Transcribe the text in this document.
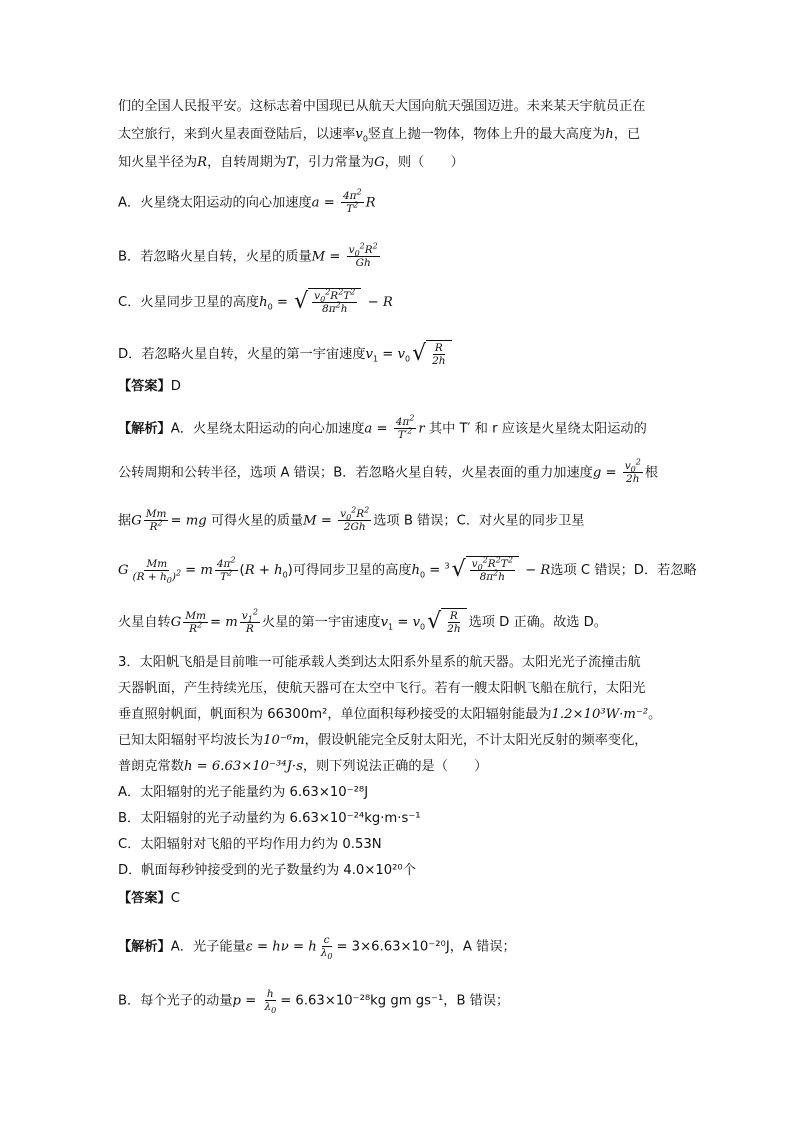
们的全国人民报平安。这标志着中国现已从航天大国向航天强国迈进。未来某天宇航员正在
太空旅行，来到火星表面登陆后，以速率$v_0$竖直上抛一物体，物体上升的最大高度为h，已
知火星半径为R，自转周期为T，引力常量为G，则（　　）
A．火星绕太阳运动的向心加速度$a = \frac{4\pi^2}{T^2}$ R
B．若忽略火星自转，火星的质量$M = \frac{v_0^2R^2}{Gh}$
C．火星同步卫星的高度$h_0$ = √ $\frac{v_0^2R^2T^2}{8\pi^2h} - R$
D．若忽略火星自转，火星的第一宇宙速度$v_1 = v_0$ √ $\frac{R}{2h}$
【答案】D
【解析】A．火星绕太阳运动的向心加速度$a = \frac{4\pi^2}{T'^2}$ r 其中 T′ 和 r 应该是火星绕太阳运动的
公转周期和公转半径，选项 A 错误；B．若忽略火星自转，火星表面的重力加速度$g = \frac{v_0^2}{2h}$ 根
据G $\frac{Mm}{R^2}$ = mg 可得火星的质量$M = \frac{v_0^2R^2}{2Gh}$ 选项 B 错误；C．对火星的同步卫星
G $\frac{Mm}{(R + h_0)^2} = m \frac{4\pi^2}{T^2} (R + h_0)$可得同步卫星的高度$h_0 = ^3$ √ $\frac{v_0^2R^2T^2}{8\pi^2h} - R$选项 C 错误；D．若忽略
火星自转G $\frac{Mm}{R^2} = m \frac{v_1^2}{R}$ 火星的第一宇宙速度$v_1 = v_0$ √ $\frac{R}{2h}$ 选项 D 正确。故选 D。
3．太阳帆飞船是目前唯一可能承载人类到达太阳系外星系的航天器。太阳光光子流撞击航
天器帆面，产生持续光压，使航天器可在太空中飞行。若有一艘太阳帆飞船在航行，太阳光
垂直照射帆面，帆面积为 66300m²，单位面积每秒接受的太阳辐射能最为1.2×10³W·m⁻²。
已知太阳辐射平均波长为10⁻⁶m，假设帆能完全反射太阳光，不计太阳光反射的频率变化，
普朗克常数h = 6.63×10⁻³⁴J·s，则下列说法正确的是（　　）
A．太阳辐射的光子能量约为 6.63×10⁻²⁸J
B．太阳辐射的光子动量约为 6.63×10⁻²⁴kg·m·s⁻¹
C．太阳辐射对飞船的平均作用力约为 0.53N
D．帆面每秒钟接受到的光子数量约为 4.0×10²⁰个
【答案】C
【解析】A．光子能量ε = hν = h $\frac{c}{\lambda_0} = 3\times 6.63\times 10^{-20}J$，A 错误；
B．每个光子的动量$p = \frac{h}{\lambda_0} = 6.63\times 10^{-28}kg$ gm gs⁻¹，B 错误；
